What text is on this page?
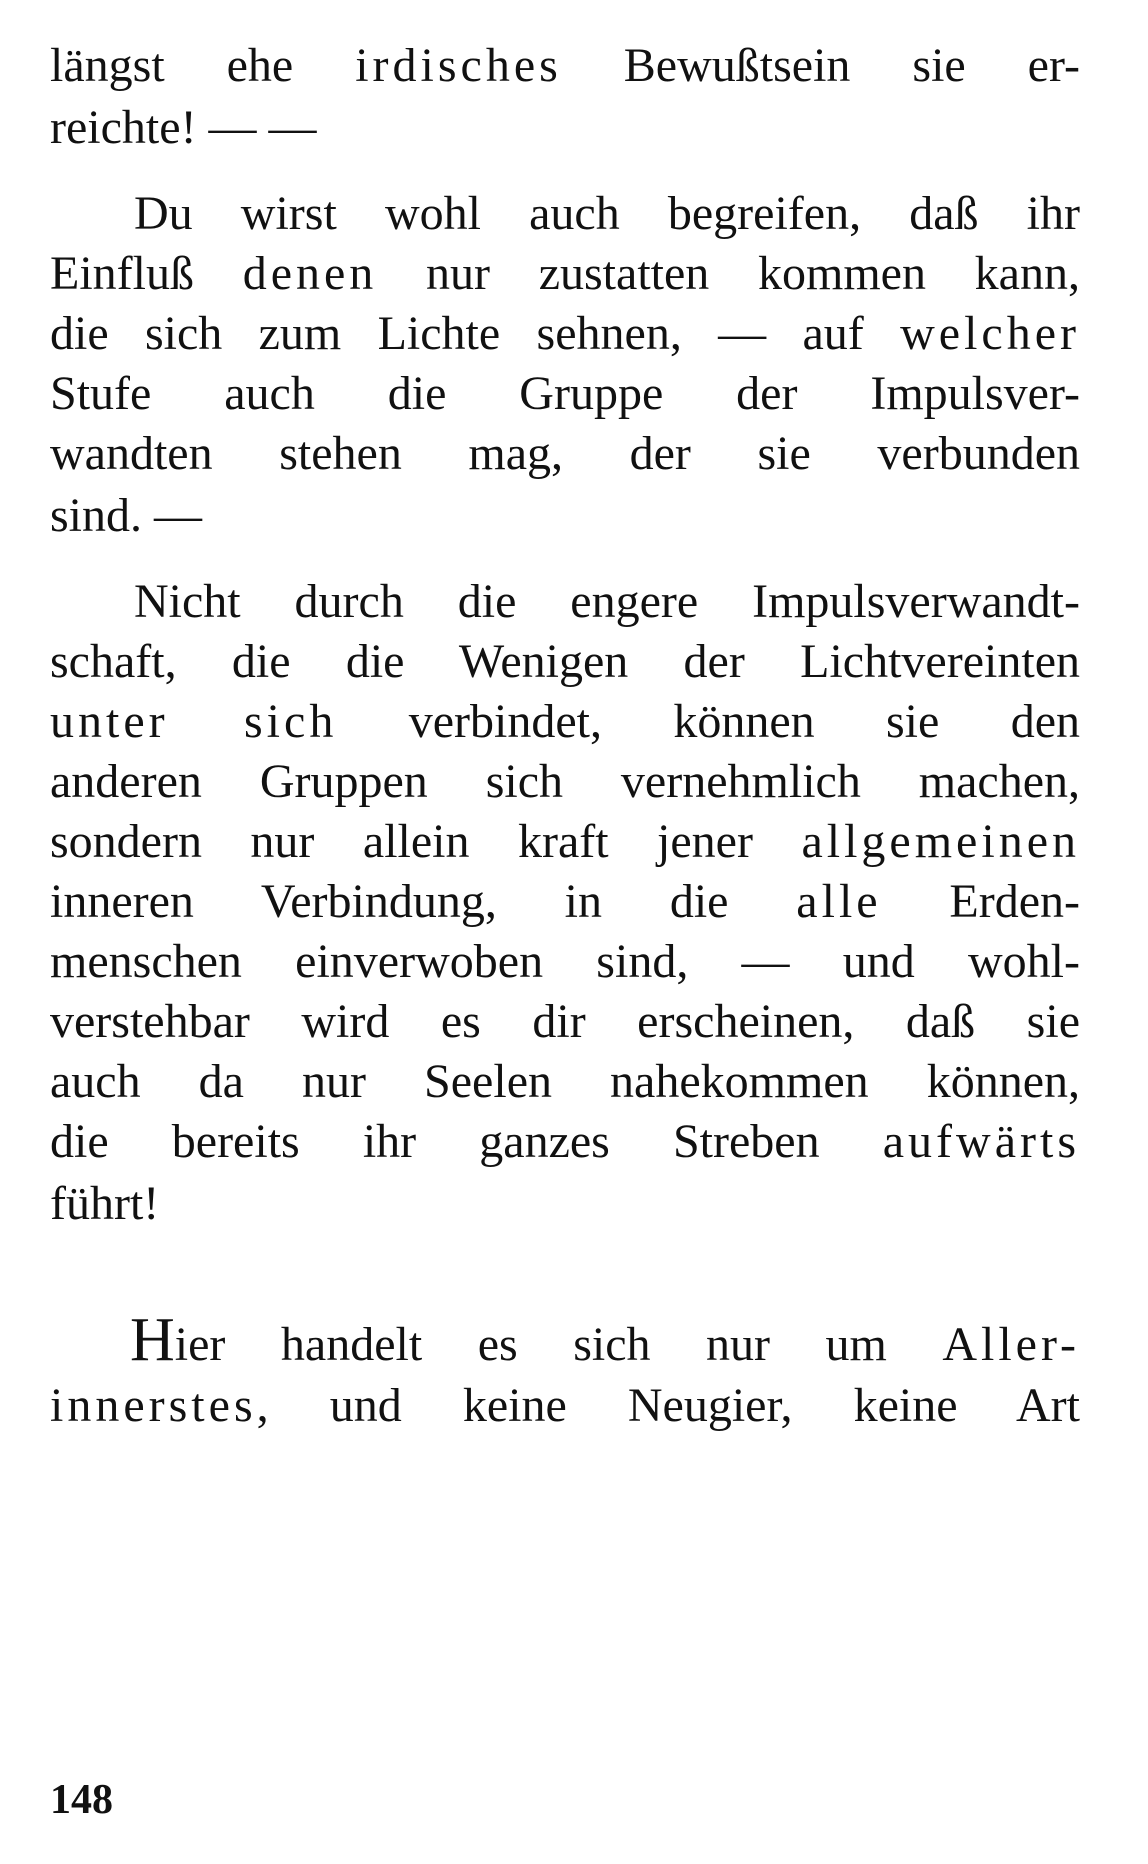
längst ehe irdisches Bewußtsein sie er-
reichte! — —
Du wirst wohl auch begreifen, daß ihr
Einfluß denen nur zustatten kommen kann,
die sich zum Lichte sehnen, — auf welcher
Stufe auch die Gruppe der Impulsver-
wandten stehen mag, der sie verbunden
sind. —
Nicht durch die engere Impulsverwandt-
schaft, die die Wenigen der Lichtvereinten
unter sich verbindet, können sie den
anderen Gruppen sich vernehmlich machen,
sondern nur allein kraft jener allgemeinen
inneren Verbindung, in die alle Erden-
menschen einverwoben sind, — und wohl-
verstehbar wird es dir erscheinen, daß sie
auch da nur Seelen nahekommen können,
die bereits ihr ganzes Streben aufwärts
führt!
Hier handelt es sich nur um Aller-
innerstes, und keine Neugier, keine Art
148
